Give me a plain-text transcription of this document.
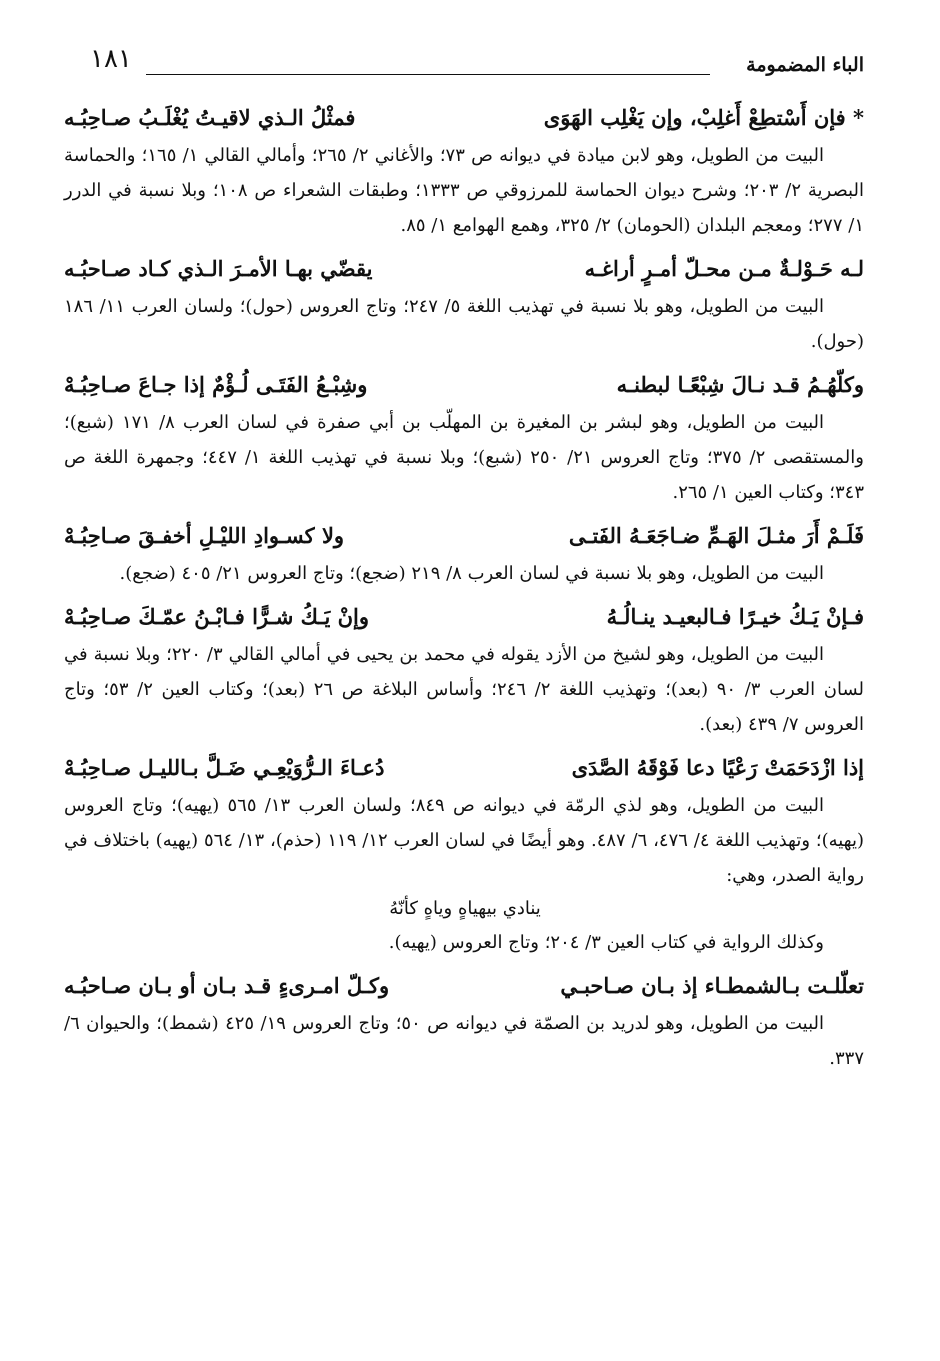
الباء المضمومة
١٨١
* فإن أَسْتطِعْ أَغلِبْ، وإن يَغْلِب الهَوَى
فمثْلُ الـذي لاقيـتُ يُغْلَـبُ صـاحِبُـه

البيت من الطويل، وهو لابن ميادة في ديوانه ص ٧٣؛ والأغاني ٢/ ٢٦٥؛ وأمالي القالي ١/ ١٦٥؛ والحماسة البصرية ٢/ ٢٠٣؛ وشرح ديوان الحماسة للمرزوقي ص ١٣٣٣؛ وطبقات الشعراء ص ١٠٨؛ وبلا نسبة في الدرر ١/ ٢٧٧؛ ومعجم البلدان (الحومان) ٢/ ٣٢٥، وهمع الهوامع ١/ ٨٥.

لـه حَـوْلـةٌ مـن محـلّ أمـرٍ أراغـه
يقضّي بهـا الأمـرَ الـذي كـاد صـاحبُـه

البيت من الطويل، وهو بلا نسبة في تهذيب اللغة ٥/ ٢٤٧؛ وتاج العروس (حول)؛ ولسان العرب ١١/ ١٨٦ (حول).

وكلّهُـمُ قـد نـالَ شِبْعًـا لبطنـه
وشِبْـعُ الفَتَـى لُـؤْمٌ إذا جـاعَ صـاحِبُـهْ

البيت من الطويل، وهو لبشر بن المغيرة بن المهلّب بن أبي صفرة في لسان العرب ٨/ ١٧١ (شبع)؛ والمستقصى ٢/ ٣٧٥؛ وتاج العروس ٢١/ ٢٥٠ (شبع)؛ وبلا نسبة في تهذيب اللغة ١/ ٤٤٧؛ وجمهرة اللغة ص ٣٤٣؛ وكتاب العين ١/ ٢٦٥.

فَلَـمْ أَرَ مثـلَ الهَـمِّ ضـاجَعَـهُ الفَتـى
ولا كسـوادِ الليْـلِ أخفـقَ صـاحِبُـهْ

البيت من الطويل، وهو بلا نسبة في لسان العرب ٨/ ٢١٩ (ضجع)؛ وتاج العروس ٢١/ ٤٠٥ (ضجع).

فـإنْ يَـكُ خيـرًا فـالبعيـد ينـالُـهُ
وإنْ يَـكُ شـرًّا فـابْـنُ عمّـكَ صـاحِبُـهْ

البيت من الطويل، وهو لشيخ من الأزد يقوله في محمد بن يحيى في أمالي القالي ٣/ ٢٢٠؛ وبلا نسبة في لسان العرب ٣/ ٩٠ (بعد)؛ وتهذيب اللغة ٢/ ٢٤٦؛ وأساس البلاغة ص ٢٦ (بعد)؛ وكتاب العين ٢/ ٥٣؛ وتاج العروس ٧/ ٤٣٩ (بعد).

إذا ازْدَحَمَتْ رَعْيًا دعا فَوْقَهُ الصَّدَى
دُعـاءَ الـرُّوَيْعِـي ضَـلَّ بـالليـل صـاحِبُـهْ

البيت من الطويل، وهو لذي الرمّة في ديوانه ص ٨٤٩؛ ولسان العرب ١٣/ ٥٦٥ (يهيه)؛ وتاج العروس (يهيه)؛ وتهذيب اللغة ٤/ ٤٧٦، ٦/ ٤٨٧. وهو أيضًا في لسان العرب ١٢/ ١١٩ (حذم)، ١٣/ ٥٦٤ (يهيه) باختلاف في رواية الصدر، وهي:

ينادي بيهياهٍ وياهٍ كأنّهُ

وكذلك الرواية في كتاب العين ٣/ ٢٠٤؛ وتاج العروس (يهيه).

تعلّلـت بـالشمطـاء إذ بـان صـاحبـي
وكـلّ امـرىءٍ قـد بـان أو بـان صـاحبُـه

البيت من الطويل، وهو لدريد بن الصمّة في ديوانه ص ٥٠؛ وتاج العروس ١٩/ ٤٢٥ (شمط)؛ والحيوان ٦/ ٣٣٧.
